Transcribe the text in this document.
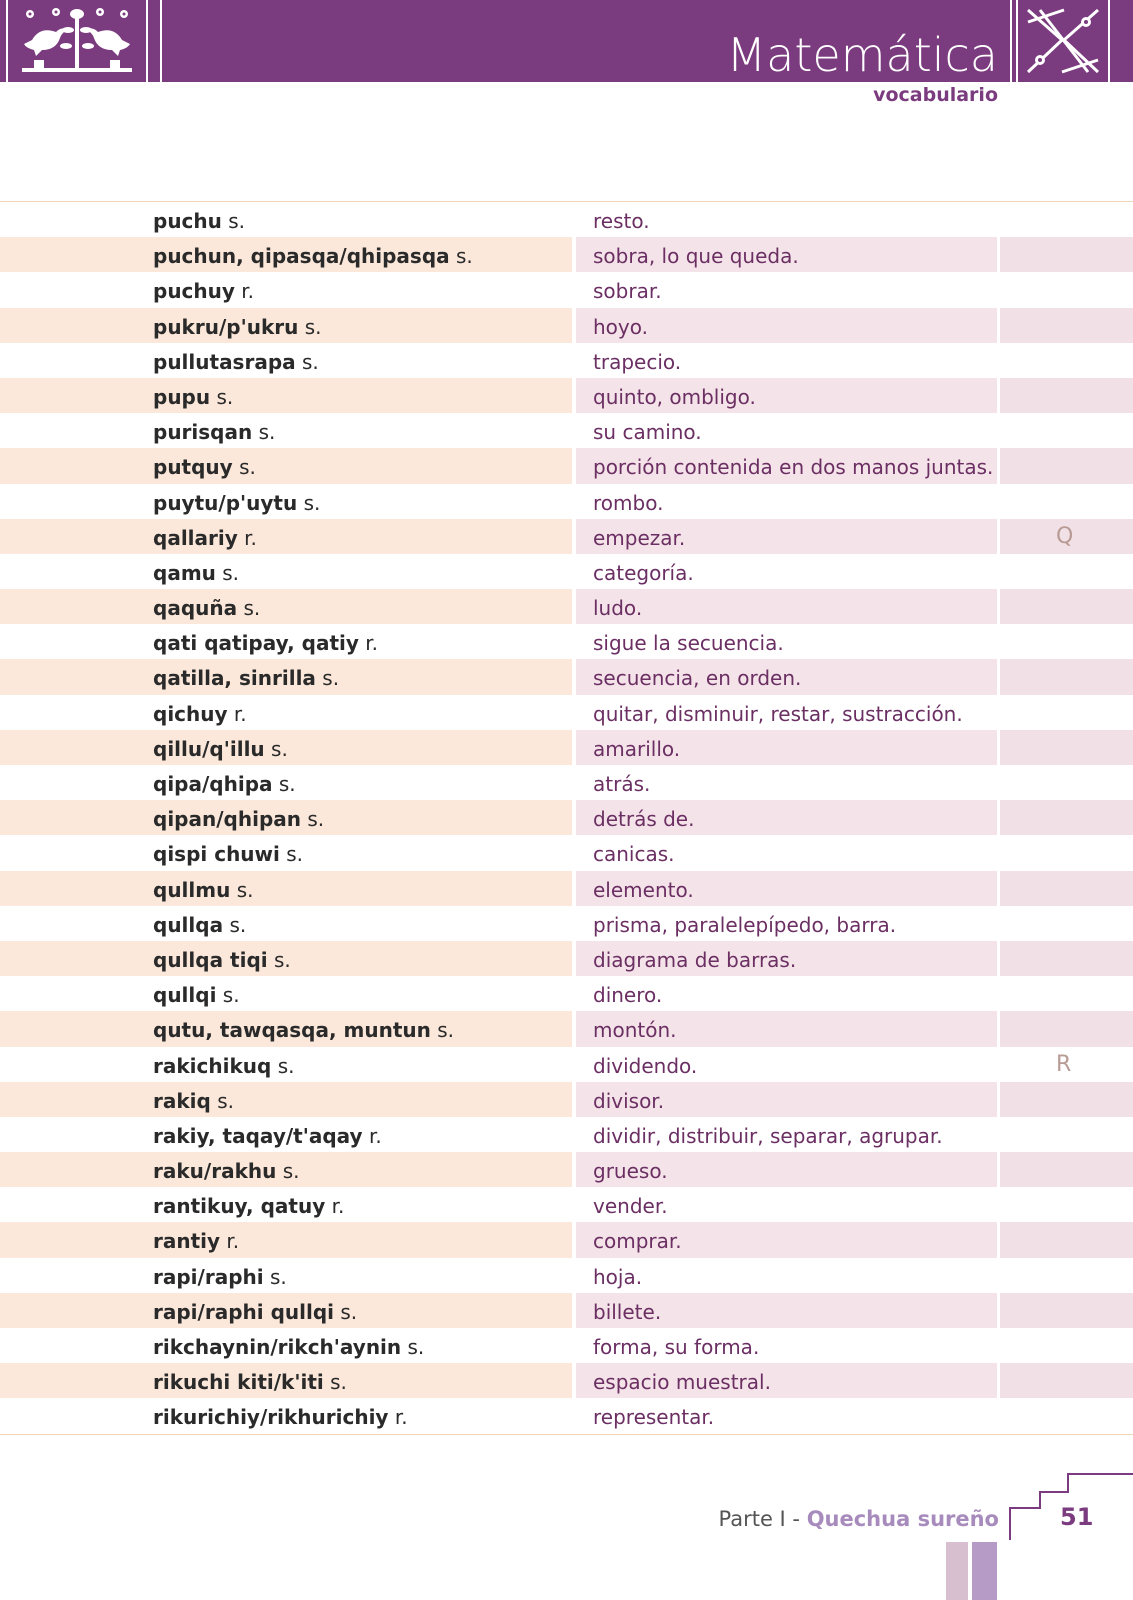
Matemática
vocabulario
puchu s.	resto.
puchun, qipasqa/qhipasqa s.	sobra, lo que queda.
puchuy r.	sobrar.
pukru/p'ukru s.	hoyo.
pullutasrapa s.	trapecio.
pupu s.	quinto, ombligo.
purisqan s.	su camino.
putquy s.	porción contenida en dos manos juntas.
puytu/p'uytu s.	rombo.
qallariy r.	empezar.	Q
qamu s.	categoría.
qaquña s.	ludo.
qati qatipay, qatiy r.	sigue la secuencia.
qatilla, sinrilla s.	secuencia, en orden.
qichuy r.	quitar, disminuir, restar, sustracción.
qillu/q'illu s.	amarillo.
qipa/qhipa s.	atrás.
qipan/qhipan s.	detrás de.
qispi chuwi s.	canicas.
qullmu s.	elemento.
qullqa s.	prisma, paralelepípedo, barra.
qullqa tiqi s.	diagrama de barras.
qullqi s.	dinero.
qutu, tawqasqa, muntun s.	montón.
rakichikuq s.	dividendo.	R
rakiq s.	divisor.
rakiy, taqay/t'aqay r.	dividir, distribuir, separar, agrupar.
raku/rakhu s.	grueso.
rantikuy, qatuy r.	vender.
rantiy r.	comprar.
rapi/raphi s.	hoja.
rapi/raphi qullqi s.	billete.
rikchaynin/rikch'aynin s.	forma, su forma.
rikuchi kiti/k'iti s.	espacio muestral.
rikurichiy/rikhurichiy r.	representar.
Parte I - Quechua sureño	51
